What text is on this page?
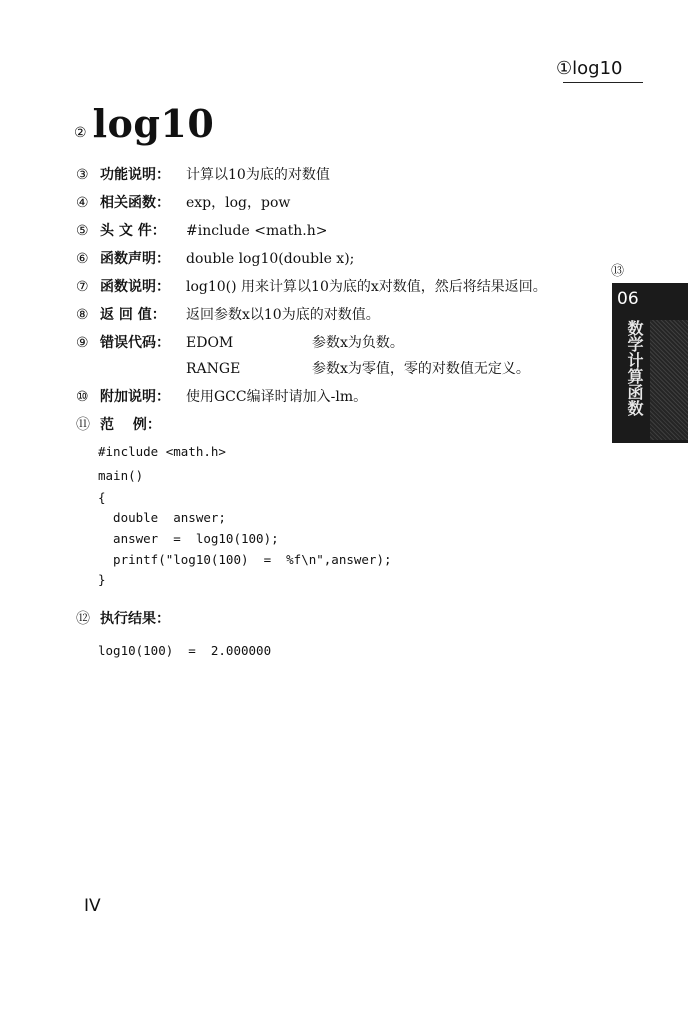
①log10
② log10
③ 功能说明：	计算以10为底的对数值
④ 相关函数：	exp，log，pow
⑤ 头 文 件：	#include <math.h>
⑥ 函数声明：	double log10(double x);
⑦ 函数说明：	log10() 用来计算以10为底的x对数值，然后将结果返回。
⑧ 返 回 值：	返回参数x以10为底的对数值。
⑨ 错误代码：	EDOM	参数x为负数。
RANGE	参数x为零值，零的对数值无定义。
⑩ 附加说明：	使用GCC编译时请加入-lm。
⑪ 范　 例：
#include <math.h>
main()
{
double  answer;
answer  =  log10(100);
printf("log10(100)  =  %f\n",answer);
}
⑫ 执行结果：
log10(100)  =  2.000000
⑬
06
数学计算函数
IV
